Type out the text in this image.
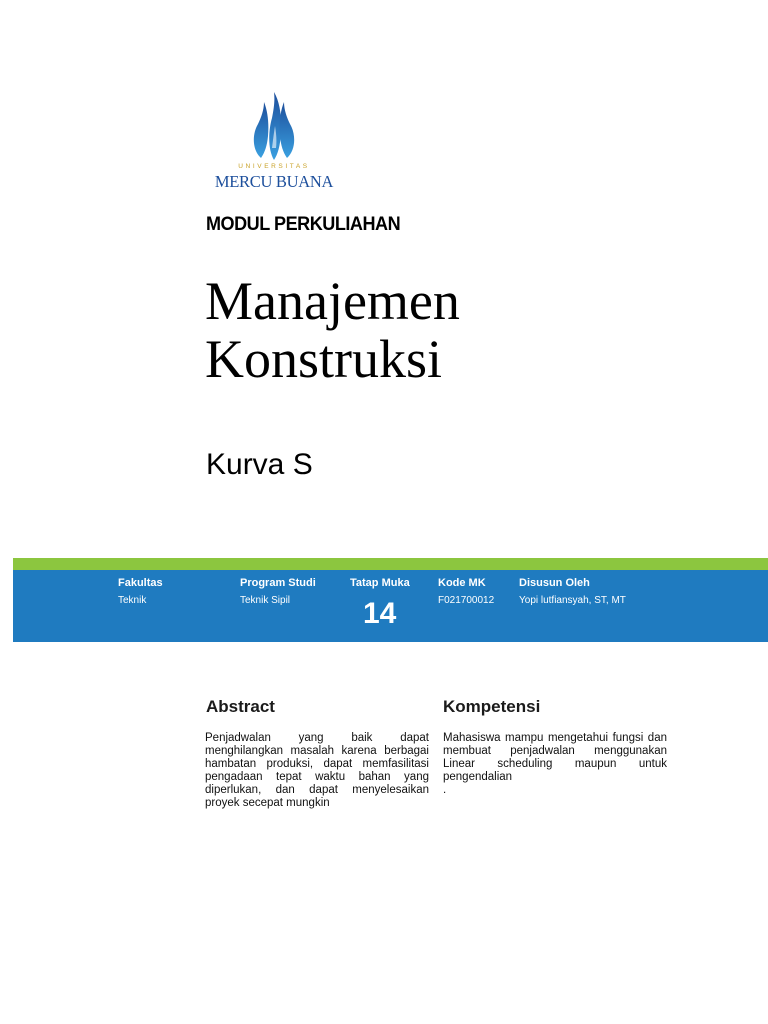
UNIVERSITAS
MERCU BUANA
MODUL PERKULIAHAN
Manajemen
Konstruksi
Kurva S
Fakultas
Teknik
Program Studi
Teknik Sipil
Tatap Muka
14
Kode MK
F021700012
Disusun Oleh
Yopi lutfiansyah, ST, MT
Abstract
Penjadwalan yang baik dapat menghilangkan masalah karena berbagai hambatan produksi, dapat memfasilitasi pengadaan tepat waktu bahan yang diperlukan, dan dapat menyelesaikan proyek secepat mungkin
Kompetensi
Mahasiswa mampu mengetahui fungsi dan membuat penjadwalan menggunakan Linear scheduling maupun untuk pengendalian
.
